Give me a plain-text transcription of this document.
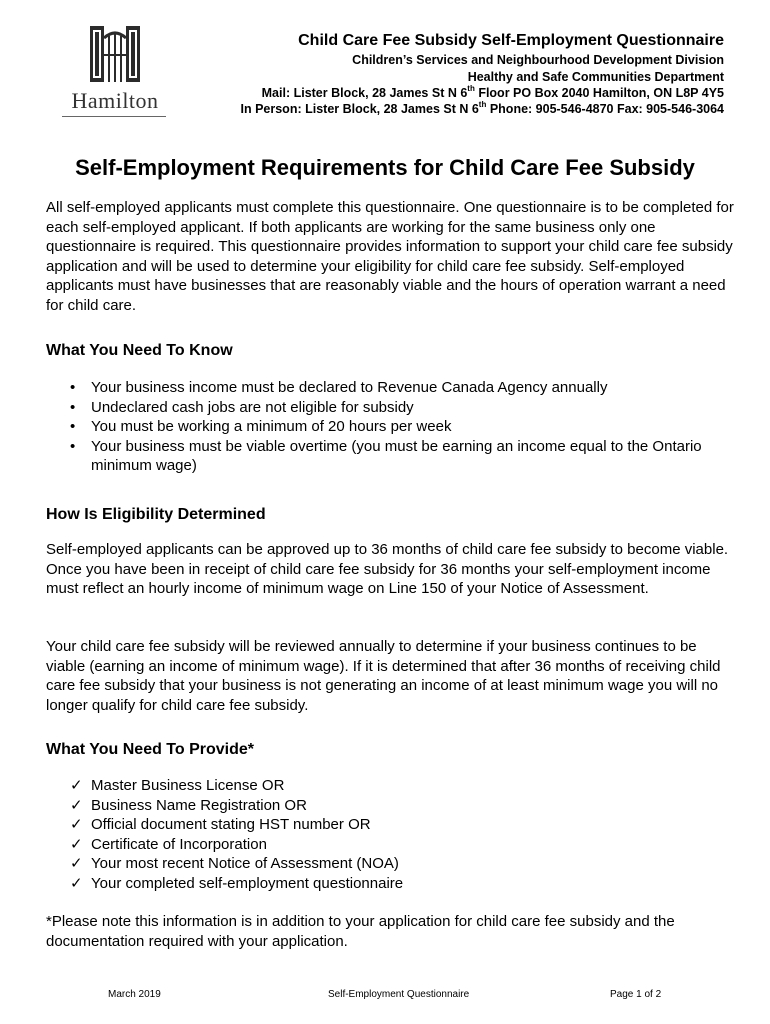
Hamilton
Child Care Fee Subsidy Self-Employment Questionnaire
Children’s Services and Neighbourhood Development Division
Healthy and Safe Communities Department
Mail: Lister Block, 28 James St N 6th Floor PO Box 2040 Hamilton, ON L8P 4Y5
In Person: Lister Block, 28 James St N 6th Phone: 905-546-4870 Fax: 905-546-3064
Self-Employment Requirements for Child Care Fee Subsidy

All self-employed applicants must complete this questionnaire. One questionnaire is to be completed for each self-employed applicant. If both applicants are working for the same business only one questionnaire is required. This questionnaire provides information to support your child care fee subsidy application and will be used to determine your eligibility for child care fee subsidy. Self-employed applicants must have businesses that are reasonably viable and the hours of operation warrant a need for child care.

What You Need To Know
•	Your business income must be declared to Revenue Canada Agency annually
•	Undeclared cash jobs are not eligible for subsidy
•	You must be working a minimum of 20 hours per week
•	Your business must be viable overtime (you must be earning an income equal to the Ontario minimum wage)
How Is Eligibility Determined

Self-employed applicants can be approved up to 36 months of child care fee subsidy to become viable. Once you have been in receipt of child care fee subsidy for 36 months your self-employment income must reflect an hourly income of minimum wage on Line 150 of your Notice of Assessment.

Your child care fee subsidy will be reviewed annually to determine if your business continues to be viable (earning an income of minimum wage). If it is determined that after 36 months of receiving child care fee subsidy that your business is not generating an income of at least minimum wage you will no longer qualify for child care fee subsidy.

What You Need To Provide*
✓ Master Business License OR
✓ Business Name Registration OR
✓ Official document stating HST number OR
✓ Certificate of Incorporation
✓ Your most recent Notice of Assessment (NOA)
✓ Your completed self-employment questionnaire

*Please note this information is in addition to your application for child care fee subsidy and the documentation required with your application.

March 2019	Self-Employment Questionnaire	Page 1 of 2
